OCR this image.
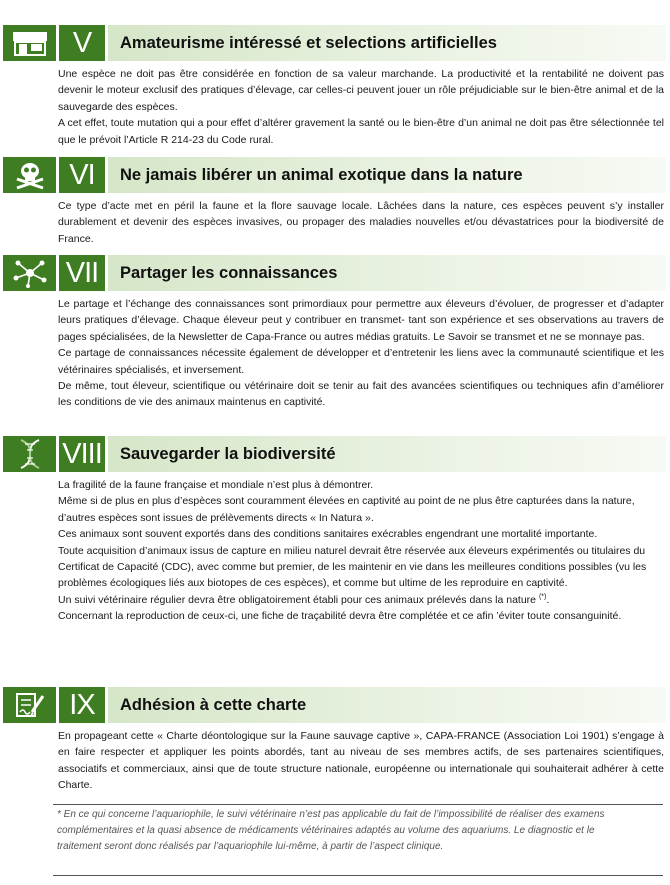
V	Amateurisme intéressé et selections artificielles

Une espèce ne doit pas être considérée en fonction de sa valeur marchande. La productivité et la rentabilité ne doivent pas devenir le moteur exclusif des pratiques d’élevage, car celles-ci peuvent jouer un rôle préjudiciable sur le bien-être animal et de la sauvegarde des espèces.

A cet effet, toute mutation qui a pour effet d’altérer gravement la santé ou le bien-être d’un animal ne doit pas être sélectionnée tel que le prévoit l’Article R 214-23 du Code rural.

VI	Ne jamais libérer un animal exotique dans la nature

Ce type d’acte met en péril la faune et la flore sauvage locale. Lâchées dans la nature, ces espèces peuvent s’y installer durablement et devenir des espèces invasives, ou propager des maladies nouvelles et/ou dévastatrices pour la biodiversité de France.

VII	Partager les connaissances

Le partage et l’échange des connaissances sont primordiaux pour permettre aux éleveurs d’évoluer, de progresser et d’adapter leurs pratiques d’élevage. Chaque éleveur peut y contribuer en transmet- tant son expérience et ses observations au travers de pages spécialisées, de la Newsletter de Capa-France ou autres médias gratuits. Le Savoir se transmet et ne se monnaye pas.

Ce partage de connaissances nécessite également de développer et d’entretenir les liens avec la communauté scientifique et les vétérinaires spécialisés, et inversement.

De même, tout éleveur, scientifique ou vétérinaire doit se tenir au fait des avancées scientifiques ou techniques afin d’améliorer les conditions de vie des animaux maintenus en captivité.

VIII	Sauvegarder la biodiversité

La fragilité de la faune française et mondiale n’est plus à démontrer.

Même si de plus en plus d’espèces sont couramment élevées en captivité au point de ne plus être capturées dans la nature, d’autres espèces sont issues de prélèvements directs « In Natura ».

Ces animaux sont souvent exportés dans des conditions sanitaires exécrables engendrant une mortalité importante.

Toute acquisition d’animaux issus de capture en milieu naturel devrait être réservée aux éleveurs expérimentés ou titulaires du Certificat de Capacité (CDC), avec comme but premier, de les maintenir en vie dans les meilleures conditions possibles (vu les problèmes écologiques liés aux biotopes de ces espèces), et comme but ultime de les reproduire en captivité.

Un suivi vétérinaire régulier devra être obligatoirement établi pour ces animaux prélevés dans la nature (*).

Concernant la reproduction de ceux-ci, une fiche de traçabilité devra être complétée et ce afin ’éviter toute consanguinité.

IX	Adhésion à cette charte

En propageant cette « Charte déontologique sur la Faune sauvage captive », CAPA-FRANCE (Association Loi 1901) s’engage à en faire respecter et appliquer les points abordés, tant au niveau de ses membres actifs, de ses partenaires scientifiques, associatifs et commerciaux, ainsi que de toute structure nationale, européenne ou internationale qui souhaiterait adhérer à cette Charte.

* En ce qui concerne l’aquariophile, le suivi vétérinaire n’est pas applicable du fait de l’impossibilité de réaliser des examens complémentaires et la quasi absence de médicaments vétérinaires adaptés au volume des aquariums. Le diagnostic et le traitement seront donc réalisés par l’aquariophile lui-même, à partir de l’aspect clinique.
